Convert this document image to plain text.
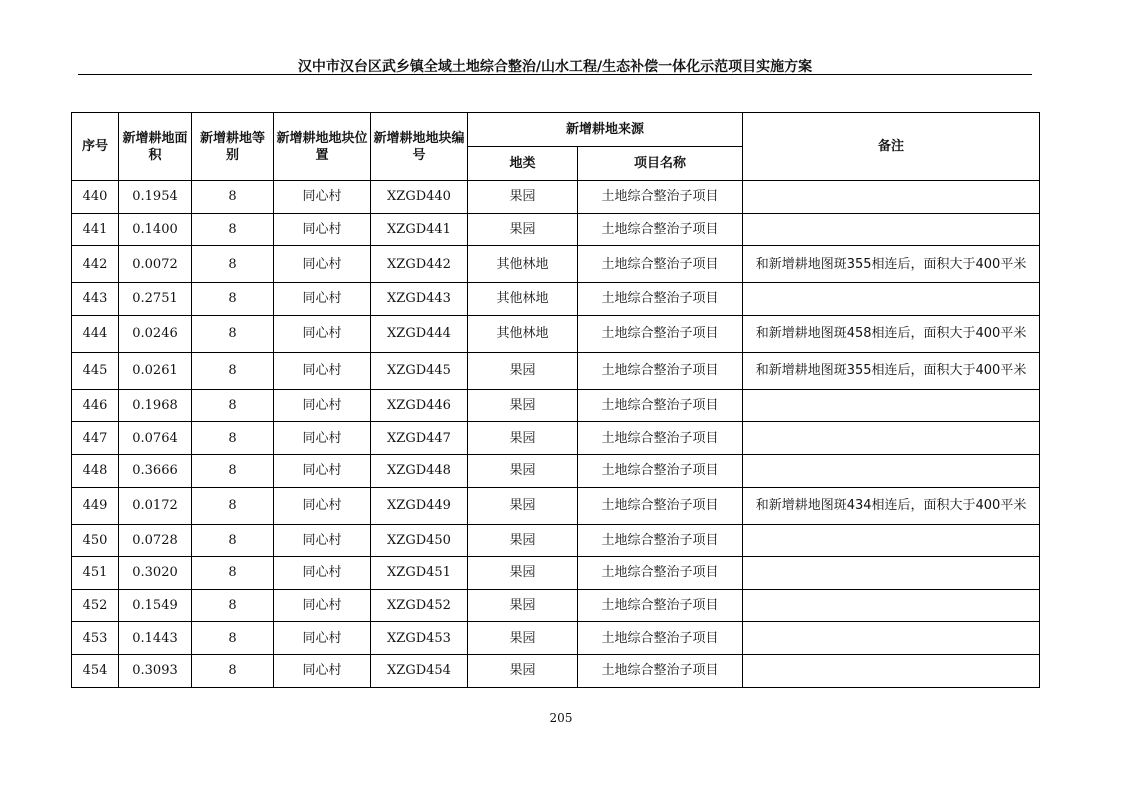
汉中市汉台区武乡镇全域土地综合整治/山水工程/生态补偿一体化示范项目实施方案
序号	新增耕地面积	新增耕地等别	新增耕地地块位置	新增耕地地块编号	新增耕地来源		备注
					地类	项目名称	
440	0.1954	8	同心村	XZGD440	果园	土地综合整治子项目	
441	0.1400	8	同心村	XZGD441	果园	土地综合整治子项目	
442	0.0072	8	同心村	XZGD442	其他林地	土地综合整治子项目	和新增耕地图斑355相连后，面积大于400平米
443	0.2751	8	同心村	XZGD443	其他林地	土地综合整治子项目	
444	0.0246	8	同心村	XZGD444	其他林地	土地综合整治子项目	和新增耕地图斑458相连后，面积大于400平米
445	0.0261	8	同心村	XZGD445	果园	土地综合整治子项目	和新增耕地图斑355相连后，面积大于400平米
446	0.1968	8	同心村	XZGD446	果园	土地综合整治子项目	
447	0.0764	8	同心村	XZGD447	果园	土地综合整治子项目	
448	0.3666	8	同心村	XZGD448	果园	土地综合整治子项目	
449	0.0172	8	同心村	XZGD449	果园	土地综合整治子项目	和新增耕地图斑434相连后，面积大于400平米
450	0.0728	8	同心村	XZGD450	果园	土地综合整治子项目	
451	0.3020	8	同心村	XZGD451	果园	土地综合整治子项目	
452	0.1549	8	同心村	XZGD452	果园	土地综合整治子项目	
453	0.1443	8	同心村	XZGD453	果园	土地综合整治子项目	
454	0.3093	8	同心村	XZGD454	果园	土地综合整治子项目	
205
